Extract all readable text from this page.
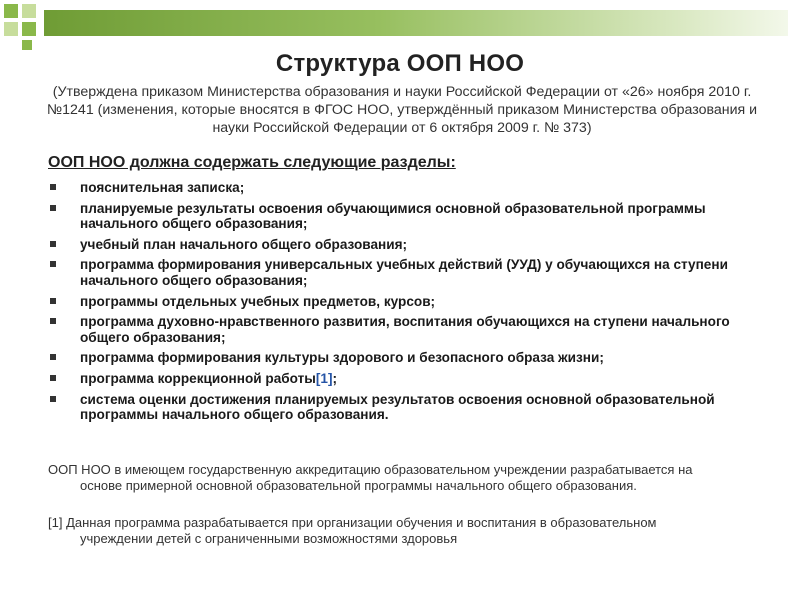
Структура ООП НОО
(Утверждена приказом Министерства образования и науки Российской Федерации от «26» ноября 2010 г. №1241 (изменения, которые вносятся в ФГОС НОО, утверждённый приказом Министерства образования и науки Российской Федерации от 6 октября 2009 г. № 373)
ООП НОО должна содержать следующие разделы:
пояснительная записка;
планируемые результаты освоения обучающимися основной образовательной программы начального общего образования;
учебный план начального общего образования;
программа формирования универсальных учебных действий (УУД) у обучающихся на ступени начального общего образования;
программы отдельных учебных предметов, курсов;
программа духовно-нравственного развития, воспитания обучающихся на ступени начального общего образования;
программа формирования культуры здорового и безопасного образа жизни;
программа коррекционной работы[1];
система оценки достижения планируемых результатов освоения основной образовательной программы начального общего образования.
ООП НОО в имеющем государственную аккредитацию образовательном учреждении разрабатывается на
основе примерной основной образовательной программы начального общего образования.
[1] Данная программа разрабатывается при организации обучения и воспитания в образовательном
учреждении детей с ограниченными возможностями здоровья
